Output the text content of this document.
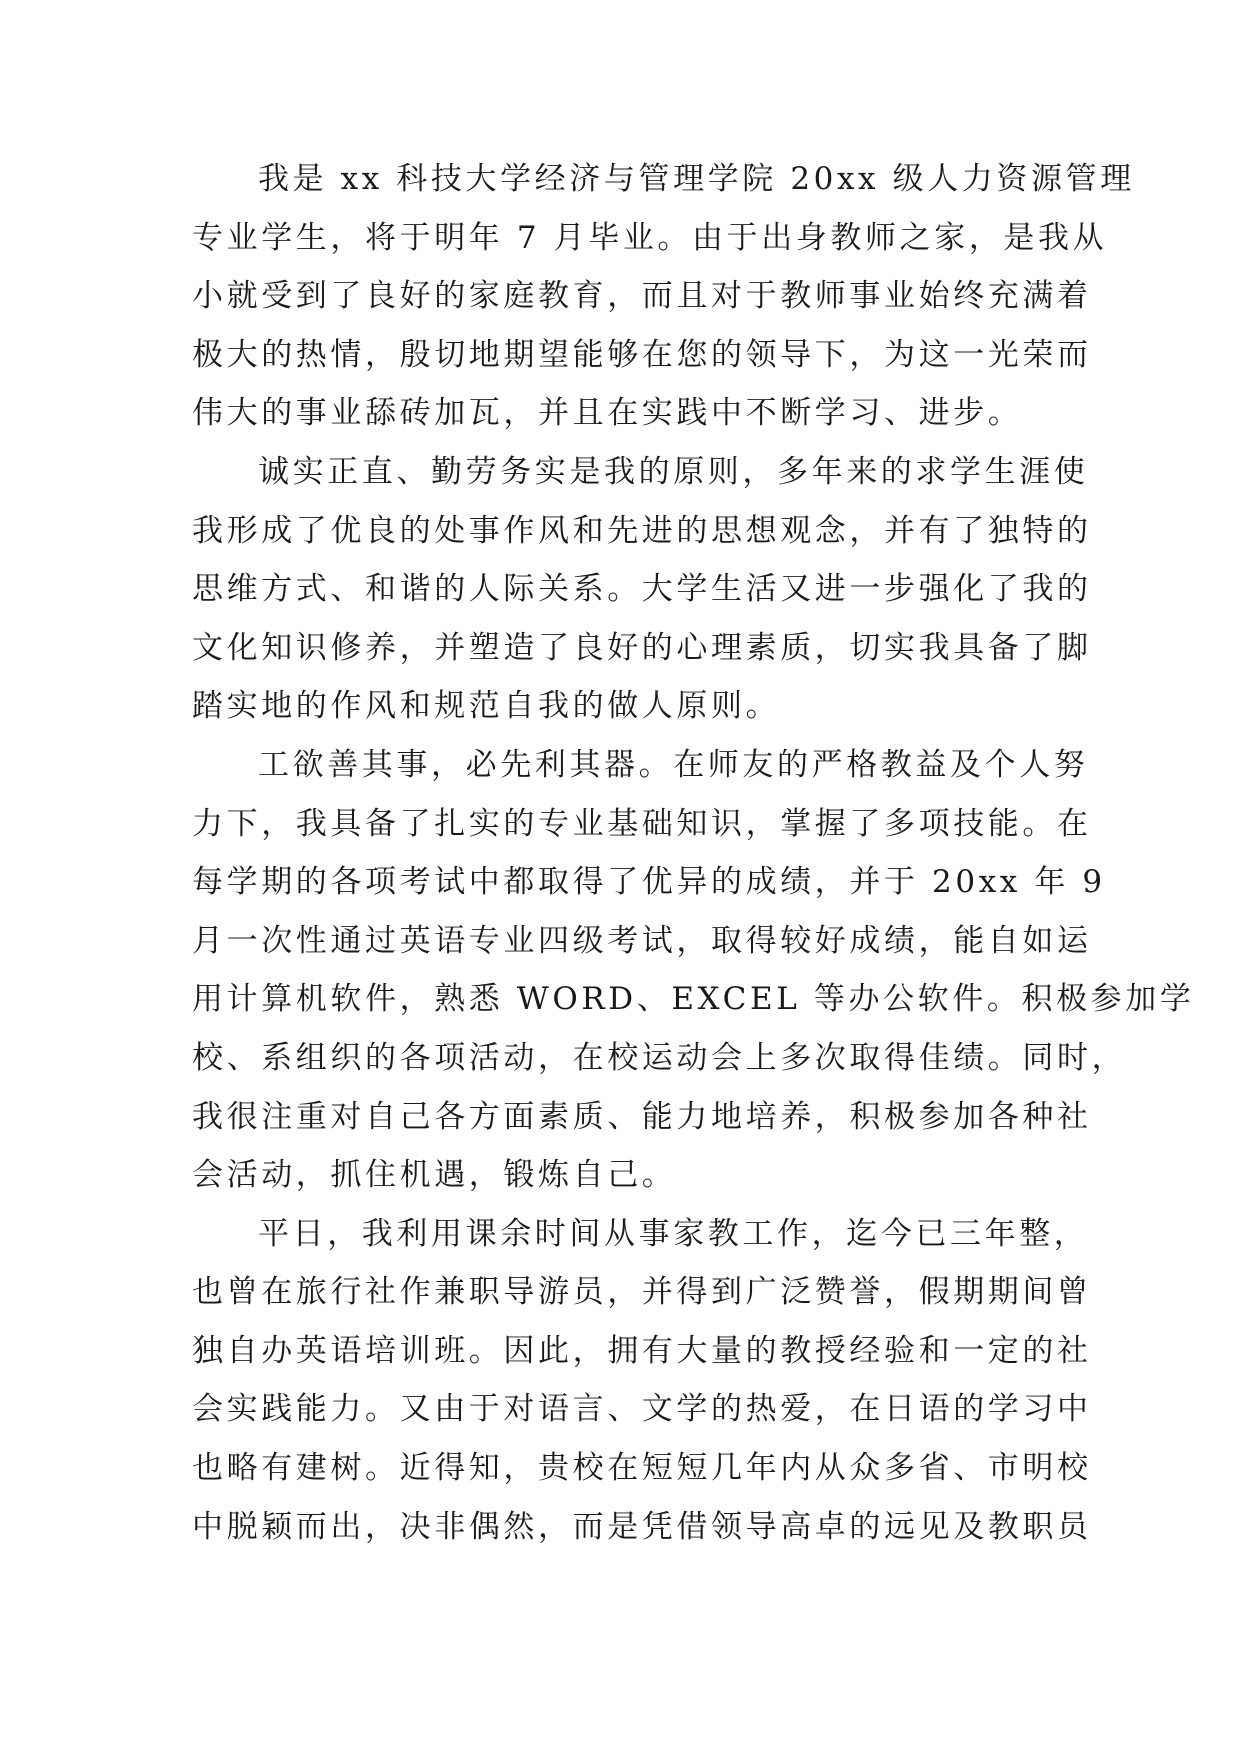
我是 xx 科技大学经济与管理学院 20xx 级人力资源管理
专业学生，将于明年 7 月毕业。由于出身教师之家，是我从
小就受到了良好的家庭教育，而且对于教师事业始终充满着
极大的热情，殷切地期望能够在您的领导下，为这一光荣而
伟大的事业舔砖加瓦，并且在实践中不断学习、进步。
诚实正直、勤劳务实是我的原则，多年来的求学生涯使
我形成了优良的处事作风和先进的思想观念，并有了独特的
思维方式、和谐的人际关系。大学生活又进一步强化了我的
文化知识修养，并塑造了良好的心理素质，切实我具备了脚
踏实地的作风和规范自我的做人原则。
工欲善其事，必先利其器。在师友的严格教益及个人努
力下，我具备了扎实的专业基础知识，掌握了多项技能。在
每学期的各项考试中都取得了优异的成绩，并于 20xx 年 9
月一次性通过英语专业四级考试，取得较好成绩，能自如运
用计算机软件，熟悉 WORD、EXCEL 等办公软件。积极参加学
校、系组织的各项活动，在校运动会上多次取得佳绩。同时，
我很注重对自己各方面素质、能力地培养，积极参加各种社
会活动，抓住机遇，锻炼自己。
平日，我利用课余时间从事家教工作，迄今已三年整，
也曾在旅行社作兼职导游员，并得到广泛赞誉，假期期间曾
独自办英语培训班。因此，拥有大量的教授经验和一定的社
会实践能力。又由于对语言、文学的热爱，在日语的学习中
也略有建树。近得知，贵校在短短几年内从众多省、市明校
中脱颖而出，决非偶然，而是凭借领导高卓的远见及教职员
